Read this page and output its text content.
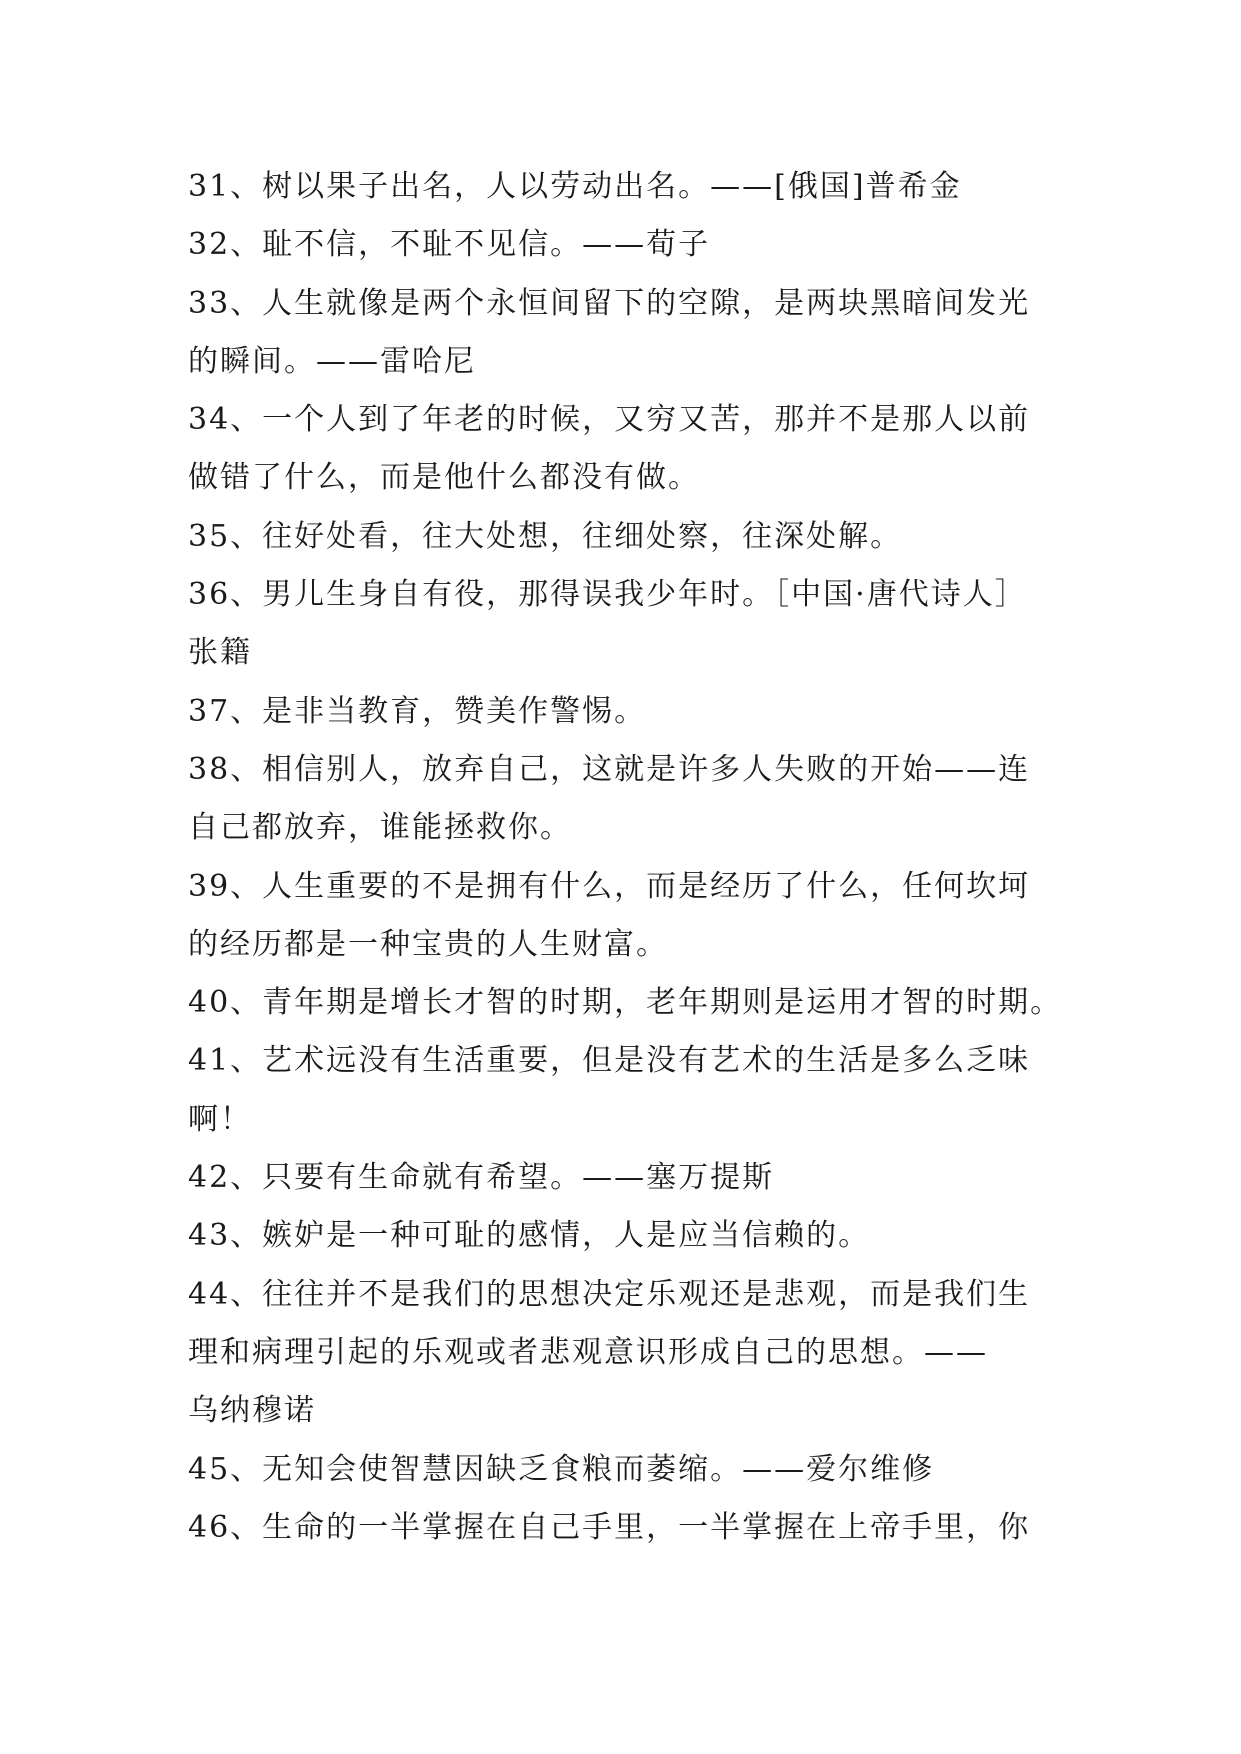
31、树以果子出名，人以劳动出名。——[俄国]普希金
32、耻不信，不耻不见信。——荀子
33、人生就像是两个永恒间留下的空隙，是两块黑暗间发光
的瞬间。——雷哈尼
34、一个人到了年老的时候，又穷又苦，那并不是那人以前
做错了什么，而是他什么都没有做。
35、往好处看，往大处想，往细处察，往深处解。
36、男儿生身自有役，那得误我少年时。［中国·唐代诗人］
张籍
37、是非当教育，赞美作警惕。
38、相信别人，放弃自己，这就是许多人失败的开始——连
自己都放弃，谁能拯救你。
39、人生重要的不是拥有什么，而是经历了什么，任何坎坷
的经历都是一种宝贵的人生财富。
40、青年期是增长才智的时期，老年期则是运用才智的时期。
41、艺术远没有生活重要，但是没有艺术的生活是多么乏味
啊！
42、只要有生命就有希望。——塞万提斯
43、嫉妒是一种可耻的感情，人是应当信赖的。
44、往往并不是我们的思想决定乐观还是悲观，而是我们生
理和病理引起的乐观或者悲观意识形成自己的思想。——
乌纳穆诺
45、无知会使智慧因缺乏食粮而萎缩。——爱尔维修
46、生命的一半掌握在自己手里，一半掌握在上帝手里，你
